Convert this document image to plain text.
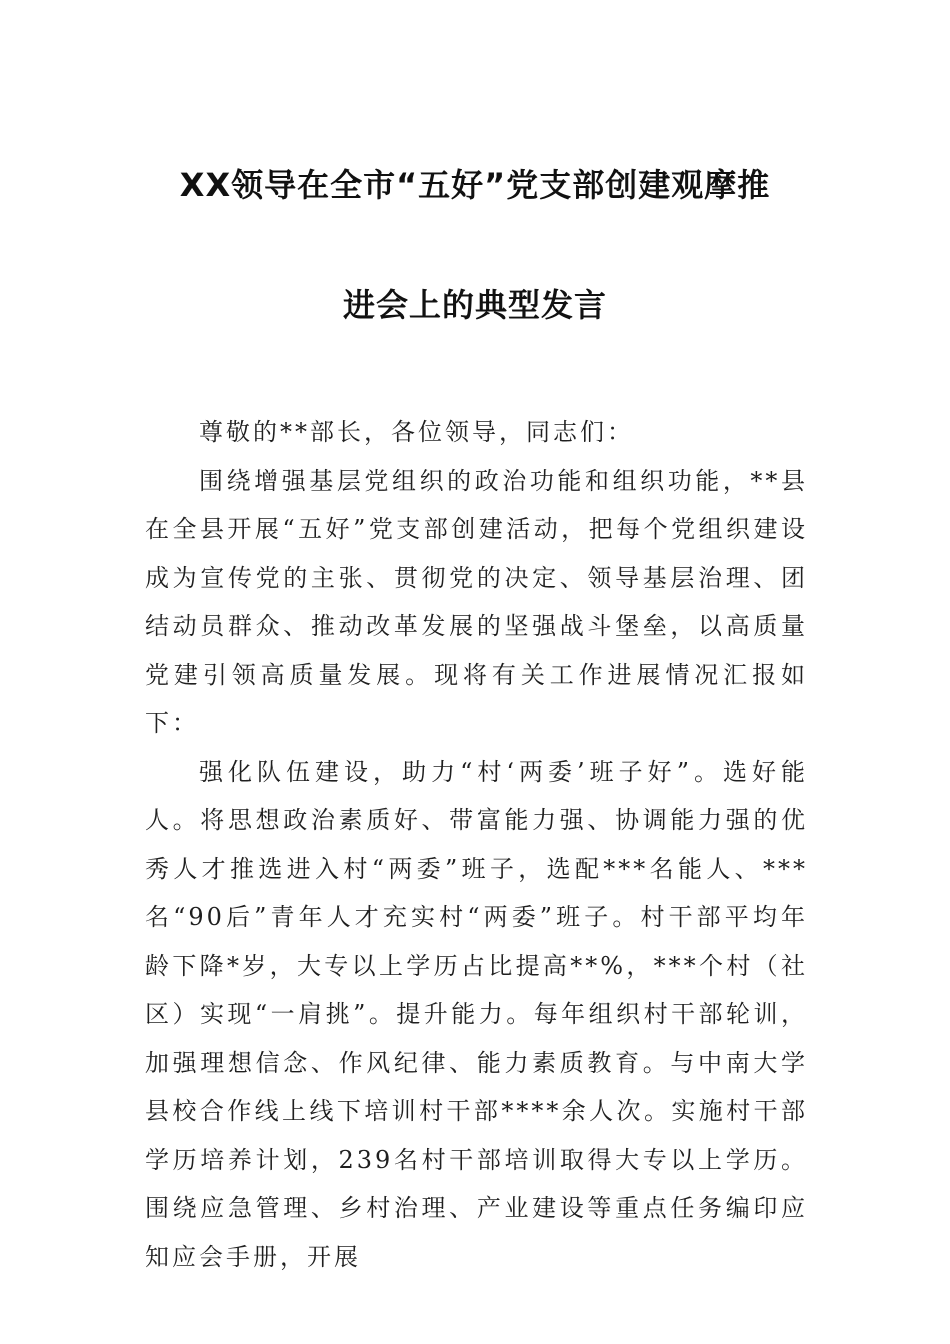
XX领导在全市“五好”党支部创建观摩推
进会上的典型发言

尊敬的**部长，各位领导，同志们：

围绕增强基层党组织的政治功能和组织功能，**县在全县开展“五好”党支部创建活动，把每个党组织建设成为宣传党的主张、贯彻党的决定、领导基层治理、团结动员群众、推动改革发展的坚强战斗堡垒，以高质量党建引领高质量发展。现将有关工作进展情况汇报如下：

强化队伍建设，助力“村‘两委’班子好”。选好能人。将思想政治素质好、带富能力强、协调能力强的优秀人才推选进入村“两委”班子，选配***名能人、***名“90后”青年人才充实村“两委”班子。村干部平均年龄下降*岁，大专以上学历占比提高**%，***个村（社区）实现“一肩挑”。提升能力。每年组织村干部轮训，加强理想信念、作风纪律、能力素质教育。与中南大学县校合作线上线下培训村干部****余人次。实施村干部学历培养计划，239名村干部培训取得大专以上学历。围绕应急管理、乡村治理、产业建设等重点任务编印应知应会手册，开展
